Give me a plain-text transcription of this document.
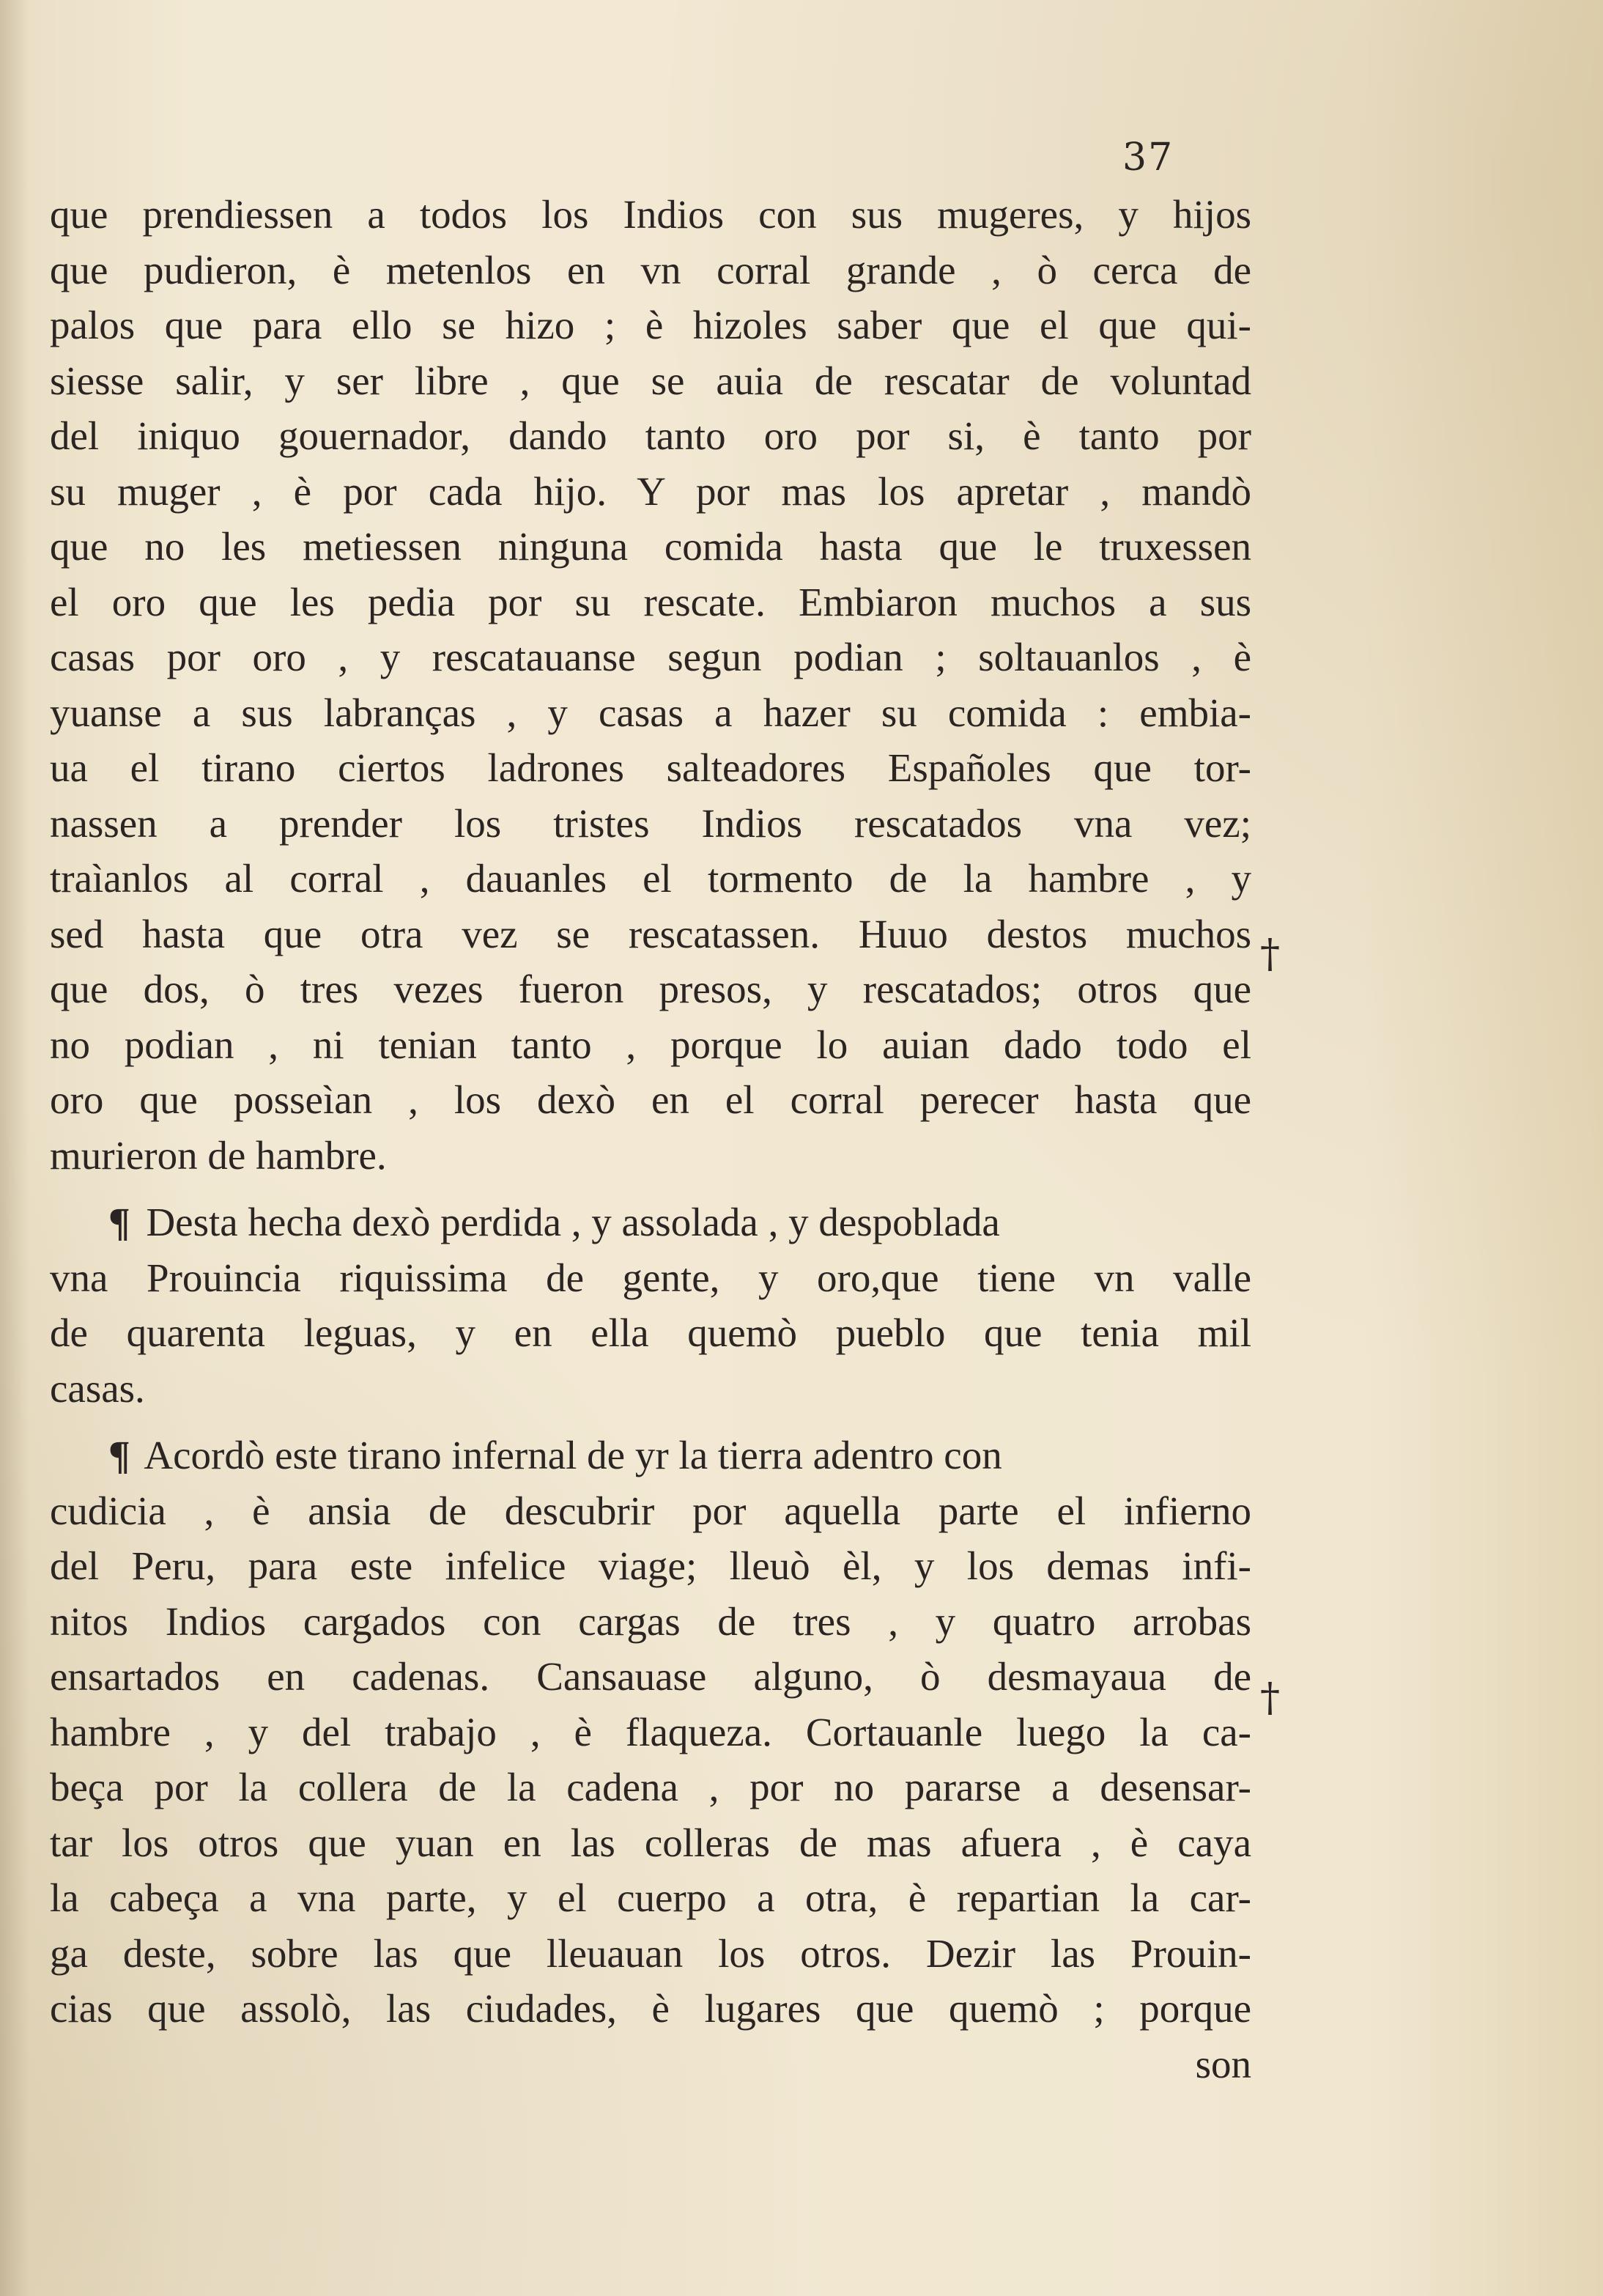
37
que prendiessen a todos los Indios con sus mugeres, y hijos
que pudieron, è metenlos en vn corral grande , ò cerca de
palos que para ello se hizo ; è hizoles saber que el que qui-
siesse salir, y ser libre , que se auia de rescatar de voluntad
del iniquo gouernador, dando tanto oro por si, è tanto por
su muger , è por cada hijo. Y por mas los apretar , mandò
que no les metiessen ninguna comida hasta que le truxessen
el oro que les pedia por su rescate. Embiaron muchos a sus
casas por oro , y rescatauanse segun podian ; soltauanlos , è
yuanse a sus labranças , y casas a hazer su comida : embia-
ua el tirano ciertos ladrones salteadores Españoles que tor-
nassen a prender los tristes Indios rescatados vna vez;
traìanlos al corral , dauanles el tormento de la hambre , y
sed hasta que otra vez se rescatassen. Huuo destos muchos
que dos, ò tres vezes fueron presos, y rescatados; otros que
no podian , ni tenian tanto , porque lo auian dado todo el
oro que posseìan , los dexò en el corral perecer hasta que
murieron de hambre.
¶ Desta hecha dexò perdida , y assolada , y despoblada
vna Prouincia riquissima de gente, y oro,que tiene vn valle
de quarenta leguas, y en ella quemò pueblo que tenia mil
casas.
¶ Acordò este tirano infernal de yr la tierra adentro con
cudicia , è ansia de descubrir por aquella parte el infierno
del Peru, para este infelice viage; lleuò èl, y los demas infi-
nitos Indios cargados con cargas de tres , y quatro arrobas
ensartados en cadenas. Cansauase alguno, ò desmayaua de
hambre , y del trabajo , è flaqueza. Cortauanle luego la ca-
beça por la collera de la cadena , por no pararse a desensar-
tar los otros que yuan en las colleras de mas afuera , è caya
la cabeça a vna parte, y el cuerpo a otra, è repartian la car-
ga deste, sobre las que lleuauan los otros. Dezir las Prouin-
cias que assolò, las ciudades, è lugares que quemò ; porque
son
†
†
